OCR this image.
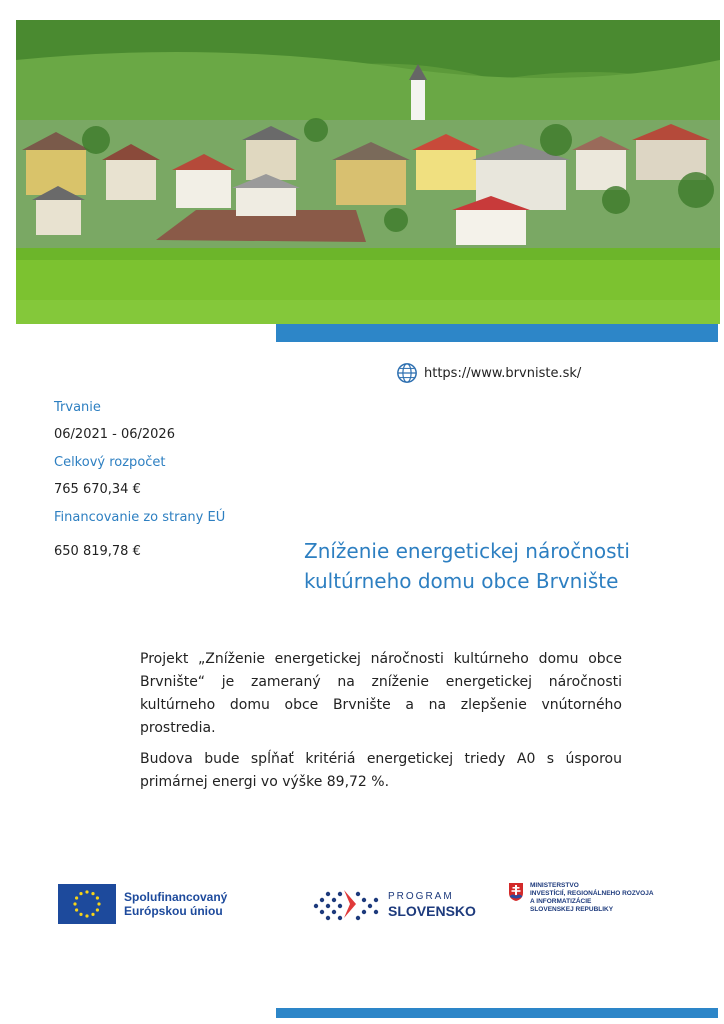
https://www.brvniste.sk/

Trvanie

06/2021 - 06/2026

Celkový rozpočet

765 670,34 €

Financovanie zo strany EÚ

650 819,78 €	Zníženie energetickej náročnosti kultúrneho domu obce Brvnište

Projekt „Zníženie energetickej náročnosti kultúrneho domu obce Brvnište“ je zameraný na zníženie energetickej náročnosti kultúrneho domu obce Brvnište a na zlepšenie vnútorného prostredia.

Budova bude spĺňať kritériá energetickej triedy A0 s úsporou primárnej energi vo výške 89,72 %.

Spolufinancovaný
Európskou úniou
PROGRAM
SLOVENSKO
MINISTERSTVO
INVESTÍCIÍ, REGIONÁLNEHO ROZVOJA
A INFORMATIZÁCIE
SLOVENSKEJ REPUBLIKY
